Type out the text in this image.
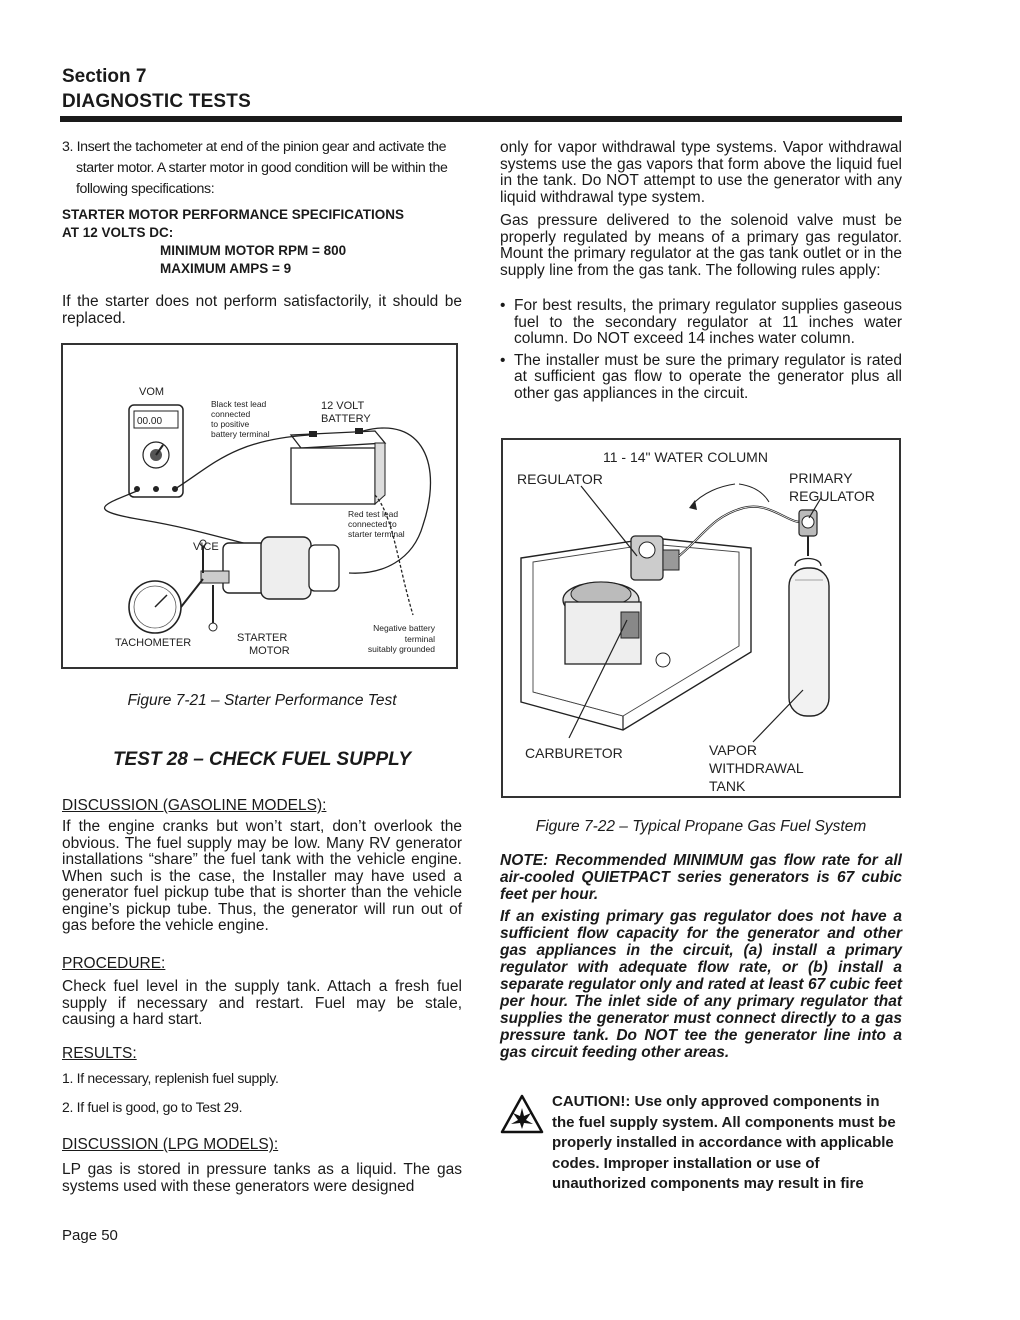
Section 7
DIAGNOSTIC TESTS
3. Insert the tachometer at end of the pinion gear and activate the starter motor. A starter motor in good condition will be within the following specifications:
STARTER MOTOR PERFORMANCE SPECIFICATIONS
AT 12 VOLTS DC:
MINIMUM MOTOR RPM = 800
MAXIMUM AMPS = 9
If the starter does not perform satisfactorily, it should be replaced.
00.00
VOM
Black test lead
connected
to positive
battery terminal
12 VOLT
BATTERY
Red test lead
connected to
starter terminal
VICE
TACHOMETER	STARTER
MOTOR
Negative battery
terminal
suitably grounded
Figure 7-21 – Starter Performance Test
TEST 28 – CHECK FUEL SUPPLY
DISCUSSION (GASOLINE MODELS):
If the engine cranks but won’t start, don’t overlook the obvious. The fuel supply may be low. Many RV generator installations “share” the fuel tank with the vehicle engine. When such is the case, the Installer may have used a generator fuel pickup tube that is shorter than the vehicle engine’s pickup tube. Thus, the generator will run out of gas before the vehicle engine.
PROCEDURE:
Check fuel level in the supply tank. Attach a fresh fuel supply if necessary and restart. Fuel may be stale, causing a hard start.
RESULTS:
1. If necessary, replenish fuel supply.
2. If fuel is good, go to Test 29.
DISCUSSION (LPG MODELS):
LP gas is stored in pressure tanks as a liquid. The gas systems used with these generators were designed
only for vapor withdrawal type systems. Vapor withdrawal systems use the gas vapors that form above the liquid fuel in the tank. Do NOT attempt to use the generator with any liquid withdrawal type system.
Gas pressure delivered to the solenoid valve must be properly regulated by means of a primary gas regulator. Mount the primary regulator at the gas tank outlet or in the supply line from the gas tank. The following rules apply:
• For best results, the primary regulator supplies gaseous fuel to the secondary regulator at 11 inches water column. Do NOT exceed 14 inches water column.
• The installer must be sure the primary regulator is rated at sufficient gas flow to operate the generator plus all other gas appliances in the circuit.
11 - 14" WATER COLUMN
REGULATOR	PRIMARY
REGULATOR
CARBURETOR	VAPOR
WITHDRAWAL
TANK
Figure 7-22 – Typical Propane Gas Fuel System
NOTE: Recommended MINIMUM gas flow rate for all air-cooled QUIETPACT series generators is 67 cubic feet per hour.
If an existing primary gas regulator does not have a sufficient flow capacity for the generator and other gas appliances in the circuit, (a) install a primary regulator with adequate flow rate, or (b) install a separate regulator only and rated at least 67 cubic feet per hour. The inlet side of any primary regulator that supplies the generator must connect directly to a gas pressure tank. Do NOT tee the generator line into a gas circuit feeding other areas.
CAUTION!: Use only approved components in the fuel supply system. All components must be properly installed in accordance with applicable codes. Improper installation or use of unauthorized components may result in fire
Page 50
